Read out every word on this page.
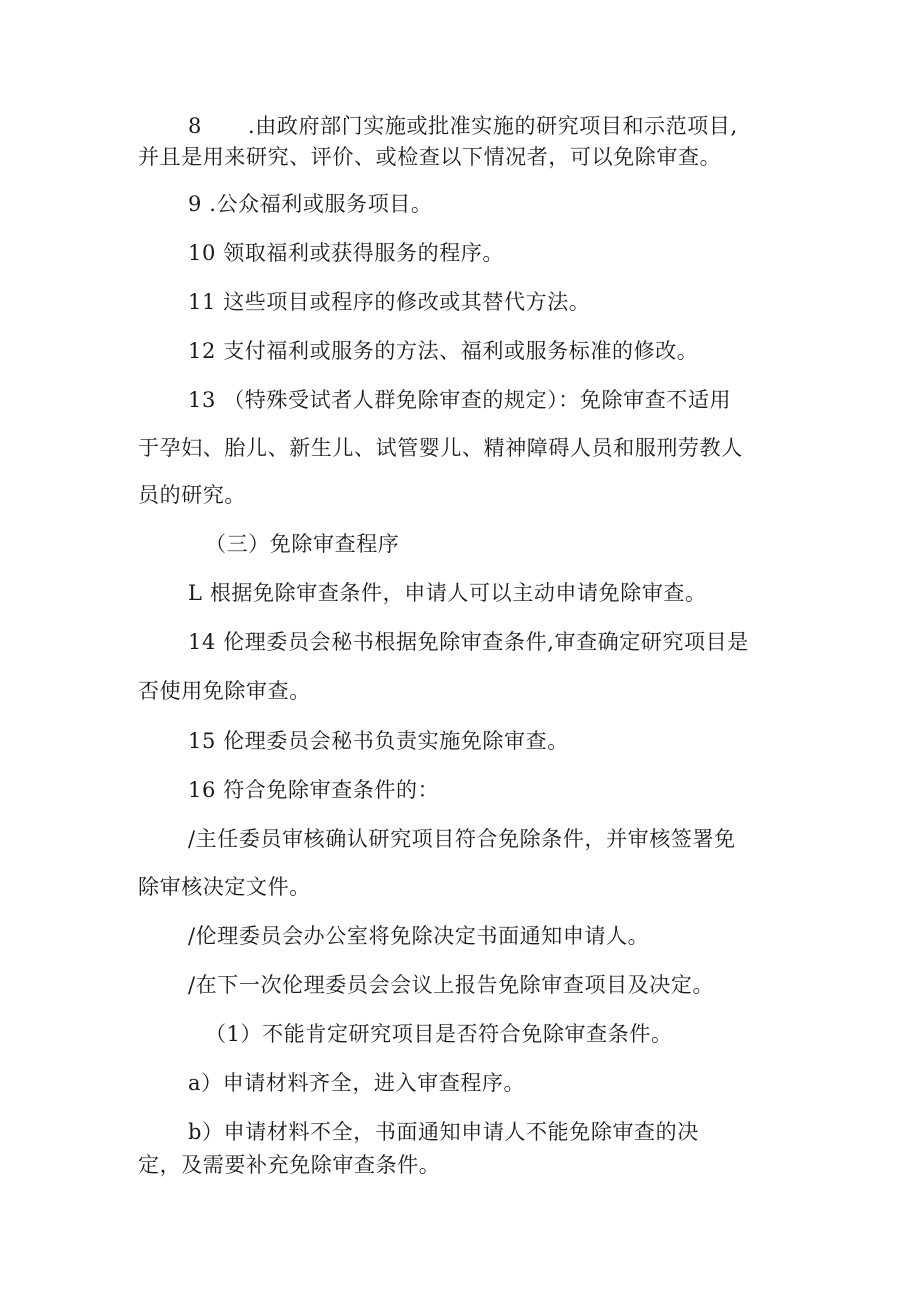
8 .由政府部门实施或批准实施的研究项目和示范项目,
并且是用来研究、评价、或检查以下情况者，可以免除审查。
9 .公众福利或服务项目。
10 领取福利或获得服务的程序。
11 这些项目或程序的修改或其替代方法。
12 支付福利或服务的方法、福利或服务标准的修改。
13 （特殊受试者人群免除审查的规定）：免除审查不适用
于孕妇、胎儿、新生儿、试管婴儿、精神障碍人员和服刑劳教人
员的研究。
（三）免除审查程序
L 根据免除审查条件，申请人可以主动申请免除审查。
14 伦理委员会秘书根据免除审查条件,审查确定研究项目是
否使用免除审查。
15 伦理委员会秘书负责实施免除审查。
16 符合免除审查条件的：
/主任委员审核确认研究项目符合免除条件，并审核签署免
除审核决定文件。
/伦理委员会办公室将免除决定书面通知申请人。
/在下一次伦理委员会会议上报告免除审查项目及决定。
（1）不能肯定研究项目是否符合免除审查条件。
a）申请材料齐全，进入审查程序。
b）申请材料不全，书面通知申请人不能免除审查的决
定，及需要补充免除审查条件。
